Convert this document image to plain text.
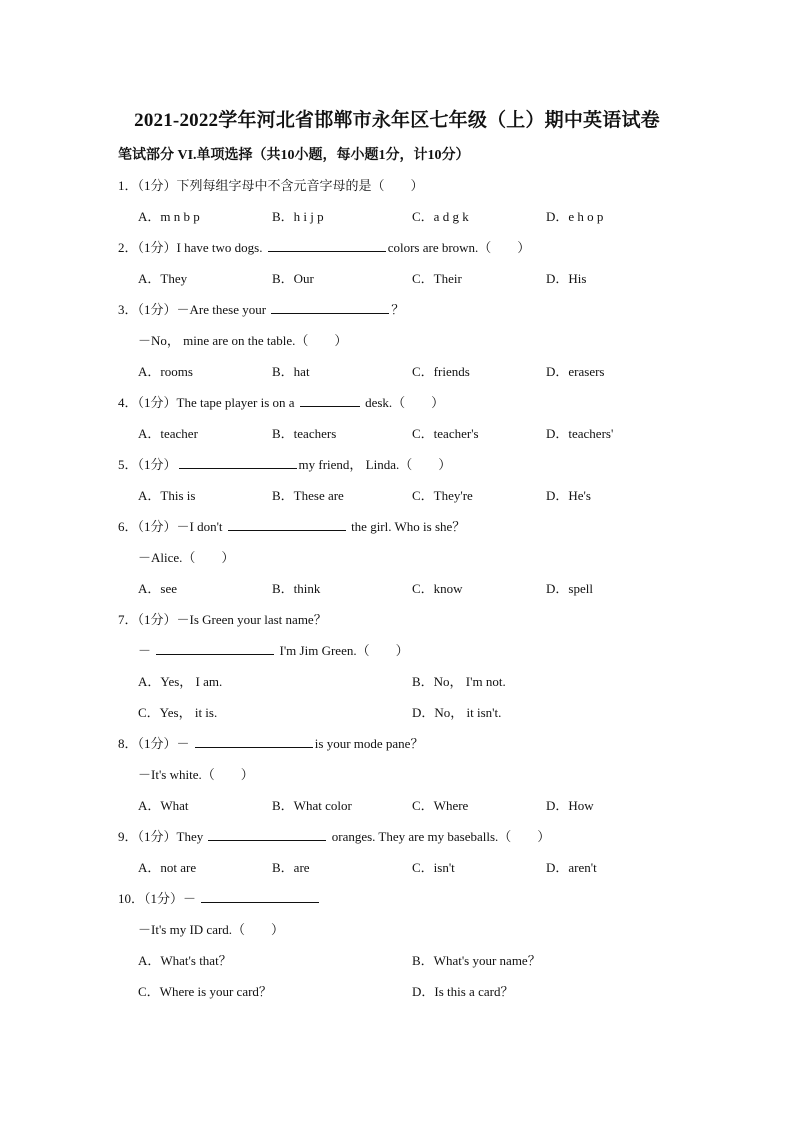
2021-2022学年河北省邯郸市永年区七年级（上）期中英语试卷
笔试部分 VI.单项选择（共10小题，每小题1分，计10分）
1．（1分）下列每组字母中不含元音字母的是（　　）
A．m n b p	B．h i j p	C．a d g k	D．e h o p
2．（1分）I have two dogs.	colors are brown.（　　）
A．They	B．Our	C．Their	D．His
3．（1分）－Are these your	？
－No， mine are on the table.（　　）
A．rooms	B．hat	C．friends	D．erasers
4．（1分）The tape player is on a	desk.（　　）
A．teacher	B．teachers	C．teacher's	D．teachers'
5．（1分）	my friend， Linda.（　　）
A．This is	B．These are	C．They're	D．He's
6．（1分）－I don't	the girl. Who is she？
－Alice.（　　）
A．see	B．think	C．know	D．spell
7．（1分）－Is Green your last name？
－	I'm Jim Green.（　　）
A．Yes， I am.	B．No， I'm not.
C．Yes， it is.	D．No， it isn't.
8．（1分）－	is your mode pane？
－It's white.（　　）
A．What	B．What color	C．Where	D．How
9．（1分）They	oranges. They are my baseballs.（　　）
A．not are	B．are	C．isn't	D．aren't
10．（1分）－
－It's my ID card.（　　）
A．What's that？	B．What's your name？
C．Where is your card？	D．Is this a card？
